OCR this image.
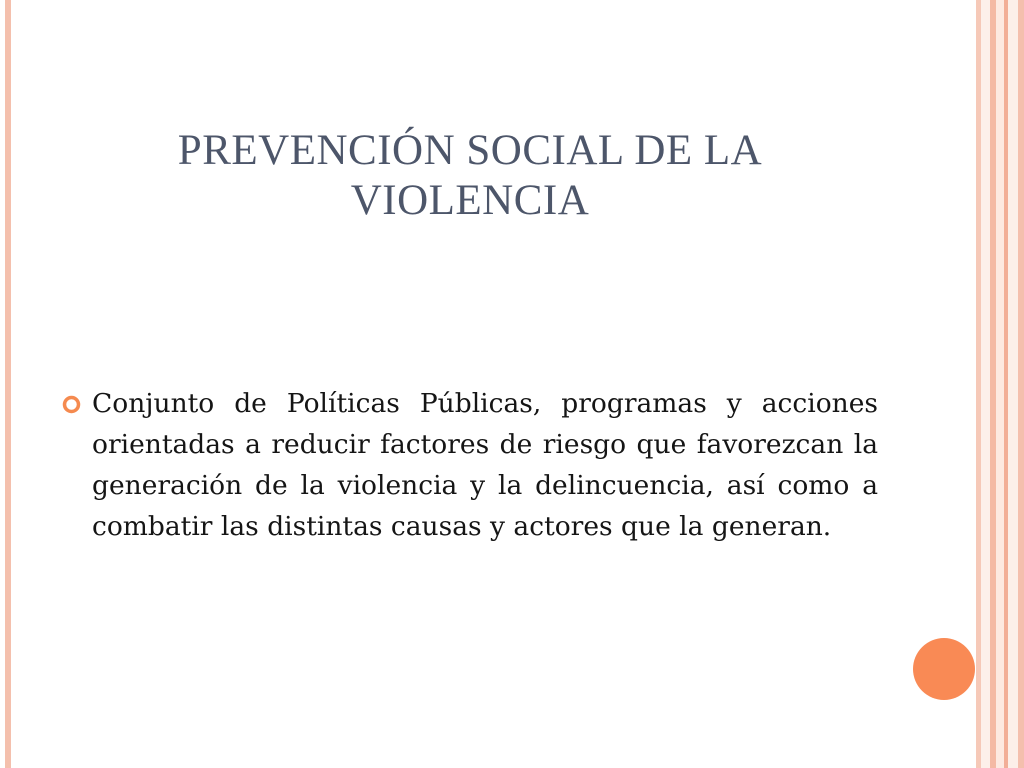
PREVENCIÓN SOCIAL DE LA VIOLENCIA

Conjunto de Políticas Públicas, programas y acciones orientadas a reducir factores de riesgo que favorezcan la generación de la violencia y la delincuencia, así como a combatir las distintas causas y actores que la generan.
